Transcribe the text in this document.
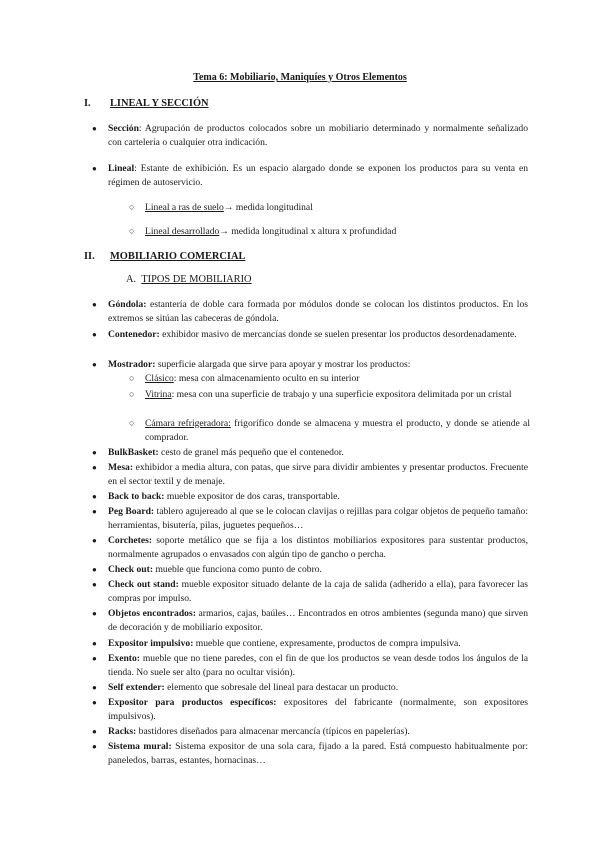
Tema 6: Mobiliario, Maniquíes y Otros Elementos
I. LINEAL Y SECCIÓN
● Sección: Agrupación de productos colocados sobre un mobiliario determinado y normalmente señalizado con cartelería o cualquier otra indicación.
● Lineal: Estante de exhibición. Es un espacio alargado donde se exponen los productos para su venta en régimen de autoservicio.
○ Lineal a ras de suelo→ medida longitudinal
○ Lineal desarrollado→ medida longitudinal x altura x profundidad
II. MOBILIARIO COMERCIAL
A. TIPOS DE MOBILIARIO
● Góndola: estantería de doble cara formada por módulos donde se colocan los distintos productos. En los extremos se sitúan las cabeceras de góndola.
● Contenedor: exhibidor masivo de mercancías donde se suelen presentar los productos desordenadamente.
● Mostrador: superficie alargada que sirve para apoyar y mostrar los productos:
○ Clásico: mesa con almacenamiento oculto en su interior
○ Vitrina: mesa con una superficie de trabajo y una superficie expositora delimitada por un cristal
○ Cámara refrigeradora: frigorífico donde se almacena y muestra el producto, y donde se atiende al comprador.
● BulkBasket: cesto de granel más pequeño que el contenedor.
● Mesa: exhibidor a media altura, con patas, que sirve para dividir ambientes y presentar productos. Frecuente en el sector textil y de menaje.
● Back to back: mueble expositor de dos caras, transportable.
● Peg Board: tablero agujereado al que se le colocan clavijas o rejillas para colgar objetos de pequeño tamaño: herramientas, bisutería, pilas, juguetes pequeños…
● Corchetes: soporte metálico que se fija a los distintos mobiliarios expositores para sustentar productos, normalmente agrupados o envasados con algún tipo de gancho o percha.
● Check out: mueble que funciona como punto de cobro.
● Check out stand: mueble expositor situado delante de la caja de salida (adherido a ella), para favorecer las compras por impulso.
● Objetos encontrados: armarios, cajas, baúles… Encontrados en otros ambientes (segunda mano) que sirven de decoración y de mobiliario expositor.
● Expositor impulsivo: mueble que contiene, expresamente, productos de compra impulsiva.
● Exento: mueble que no tiene paredes, con el fin de que los productos se vean desde todos los ángulos de la tienda. No suele ser alto (para no ocultar visión).
● Self extender: elemento que sobresale del lineal para destacar un producto.
● Expositor para productos específicos: expositores del fabricante (normalmente, son expositores impulsivos).
● Racks: bastidores diseñados para almacenar mercancía (típicos en papelerías).
● Sistema mural: Sistema expositor de una sola cara, fijado a la pared. Está compuesto habitualmente por: paneledos, barras, estantes, hornacinas…
